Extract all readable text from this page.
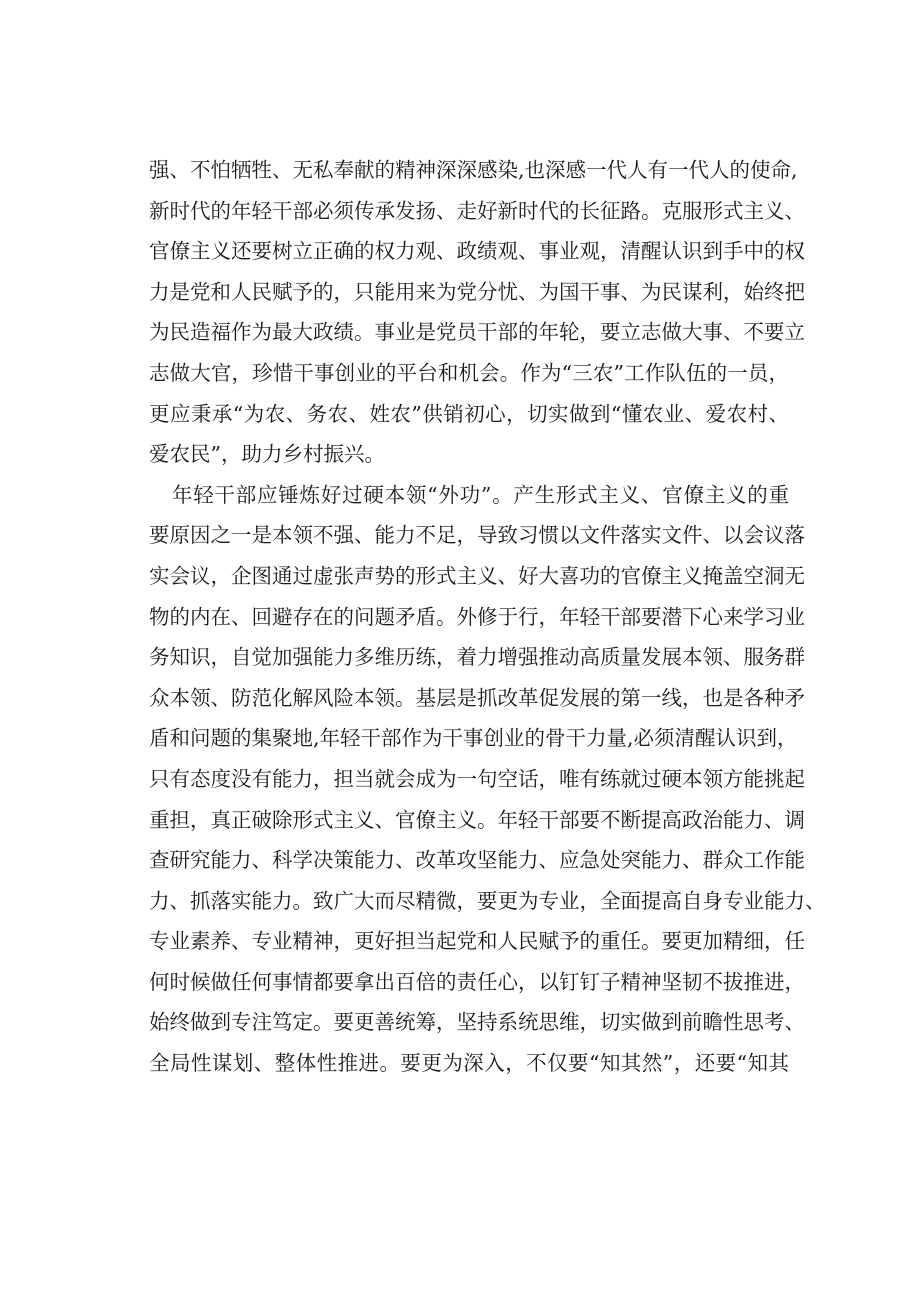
强、不怕牺牲、无私奉献的精神深深感染,也深感一代人有一代人的使命,
新时代的年轻干部必须传承发扬、走好新时代的长征路。克服形式主义、
官僚主义还要树立正确的权力观、政绩观、事业观，清醒认识到手中的权
力是党和人民赋予的，只能用来为党分忧、为国干事、为民谋利，始终把
为民造福作为最大政绩。事业是党员干部的年轮，要立志做大事、不要立
志做大官，珍惜干事创业的平台和机会。作为“三农”工作队伍的一员，
更应秉承“为农、务农、姓农”供销初心，切实做到“懂农业、爱农村、
爱农民”，助力乡村振兴。
年轻干部应锤炼好过硬本领“外功”。产生形式主义、官僚主义的重
要原因之一是本领不强、能力不足，导致习惯以文件落实文件、以会议落
实会议，企图通过虚张声势的形式主义、好大喜功的官僚主义掩盖空洞无
物的内在、回避存在的问题矛盾。外修于行，年轻干部要潜下心来学习业
务知识，自觉加强能力多维历练，着力增强推动高质量发展本领、服务群
众本领、防范化解风险本领。基层是抓改革促发展的第一线，也是各种矛
盾和问题的集聚地,年轻干部作为干事创业的骨干力量,必须清醒认识到，
只有态度没有能力，担当就会成为一句空话，唯有练就过硬本领方能挑起
重担，真正破除形式主义、官僚主义。年轻干部要不断提高政治能力、调
查研究能力、科学决策能力、改革攻坚能力、应急处突能力、群众工作能
力、抓落实能力。致广大而尽精微，要更为专业，全面提高自身专业能力、
专业素养、专业精神，更好担当起党和人民赋予的重任。要更加精细，任
何时候做任何事情都要拿出百倍的责任心，以钉钉子精神坚韧不拔推进，
始终做到专注笃定。要更善统筹，坚持系统思维，切实做到前瞻性思考、
全局性谋划、整体性推进。要更为深入，不仅要“知其然”，还要“知其
